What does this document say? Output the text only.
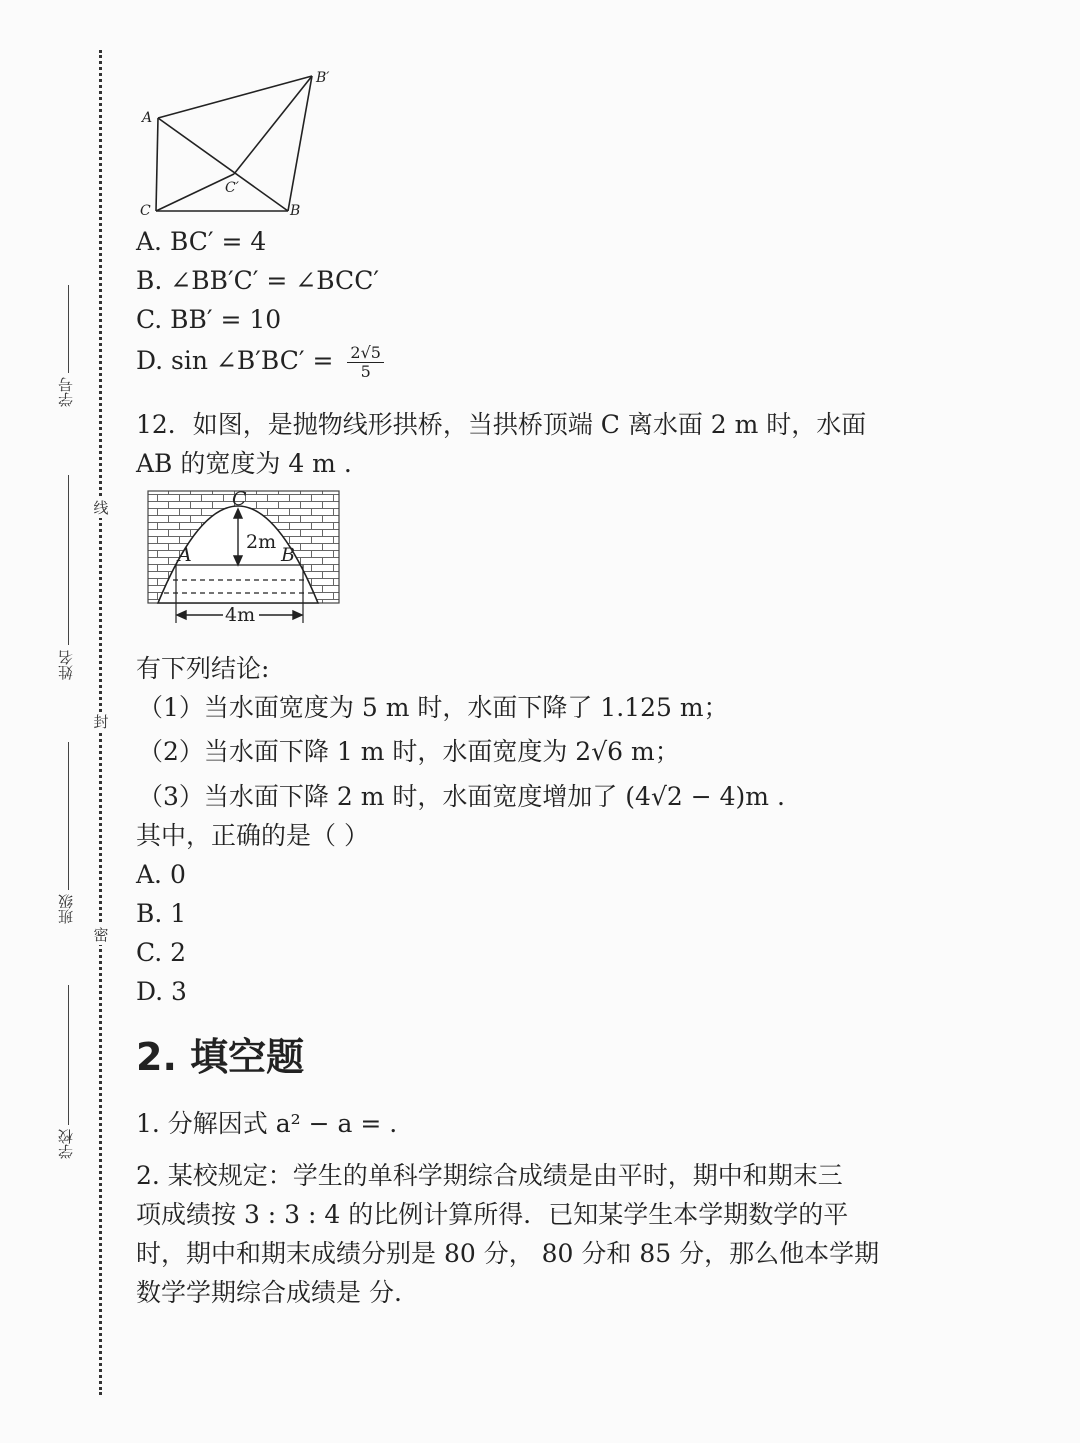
线
封
密
学号
姓名
班级
学校
A
B′
C′
C	B
A. BC′ = 4
B. ∠BB′C′ = ∠BCC′
C. BB′ = 10
D. sin ∠B′BC′ = $\frac{2√5}{5}$
12．如图，是抛物线形拱桥，当拱桥顶端 C 离水面 2 m 时，水面
AB 的宽度为 4 m .
C
A	B
2m
4m
有下列结论:
（1）当水面宽度为 5 m 时，水面下降了 1.125 m；
（2）当水面下降 1 m 时，水面宽度为 2√6 m；
（3）当水面下降 2 m 时，水面宽度增加了 (4√2 − 4)m .
其中，正确的是（ ）
A. 0
B. 1
C. 2
D. 3
2. 填空题
1. 分解因式 a² − a = .
2. 某校规定：学生的单科学期综合成绩是由平时，期中和期末三
项成绩按 3 : 3 : 4 的比例计算所得．已知某学生本学期数学的平
时，期中和期末成绩分别是 80 分， 80 分和 85 分，那么他本学期
数学学期综合成绩是 分.
